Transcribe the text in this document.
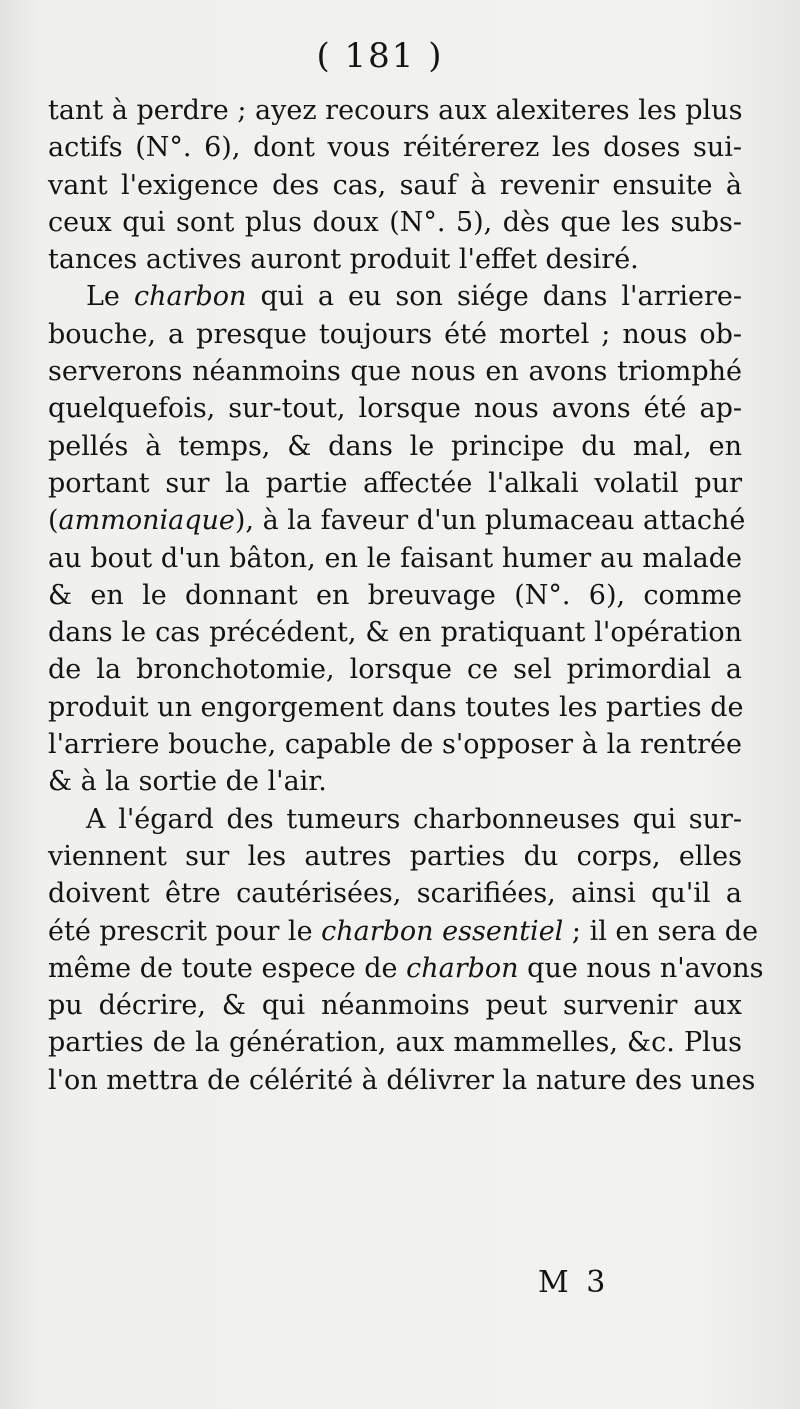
( 181 )
tant à perdre ; ayez recours aux alexiteres les plus
actifs (N°. 6), dont vous réitérerez les doses sui-
vant l'exigence des cas, sauf à revenir ensuite à
ceux qui sont plus doux (N°. 5), dès que les subs-
tances actives auront produit l'effet desiré.
Le charbon qui a eu son siége dans l'arriere-
bouche, a presque toujours été mortel ; nous ob-
serverons néanmoins que nous en avons triomphé
quelquefois, sur-tout, lorsque nous avons été ap-
pellés à temps, & dans le principe du mal, en
portant sur la partie affectée l'alkali volatil pur
(ammoniaque), à la faveur d'un plumaceau attaché
au bout d'un bâton, en le faisant humer au malade
& en le donnant en breuvage (N°. 6), comme
dans le cas précédent, & en pratiquant l'opération
de la bronchotomie, lorsque ce sel primordial a
produit un engorgement dans toutes les parties de
l'arriere bouche, capable de s'opposer à la rentrée
& à la sortie de l'air.
A l'égard des tumeurs charbonneuses qui sur-
viennent sur les autres parties du corps, elles
doivent être cautérisées, scarifiées, ainsi qu'il a
été prescrit pour le charbon essentiel ; il en sera de
même de toute espece de charbon que nous n'avons
pu décrire, & qui néanmoins peut survenir aux
parties de la génération, aux mammelles, &c. Plus
l'on mettra de célérité à délivrer la nature des unes
M 3
